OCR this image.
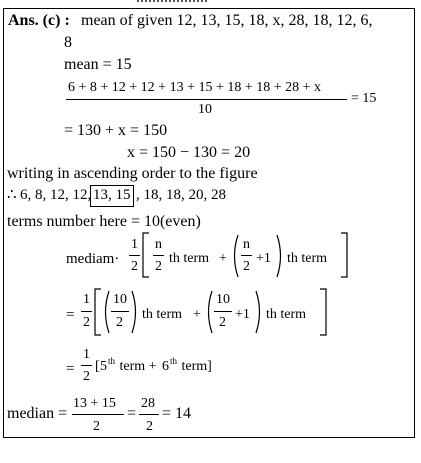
Ans. (c) : mean of given 12, 13, 15, 18, x, 28, 18, 12, 6,
8
mean = 15
6 + 8 + 12 + 12 + 13 + 15 + 18 + 18 + 28 + x
10
= 15
= 130 + x = 150
x = 150 − 130 = 20
writing in ascending order to the figure
∴ 6, 8, 12, 12, 13, 15 , 18, 18, 20, 28
terms number here = 10(even)
mediam·
1
2
n
2
th term +
n
2
+1 th term
=
1
2
10
2
th term +
10
2
+1 th term
=
1
2
[ 5 th term + 6 th term]
median =
13 + 15
2
=
28
2
= 14
